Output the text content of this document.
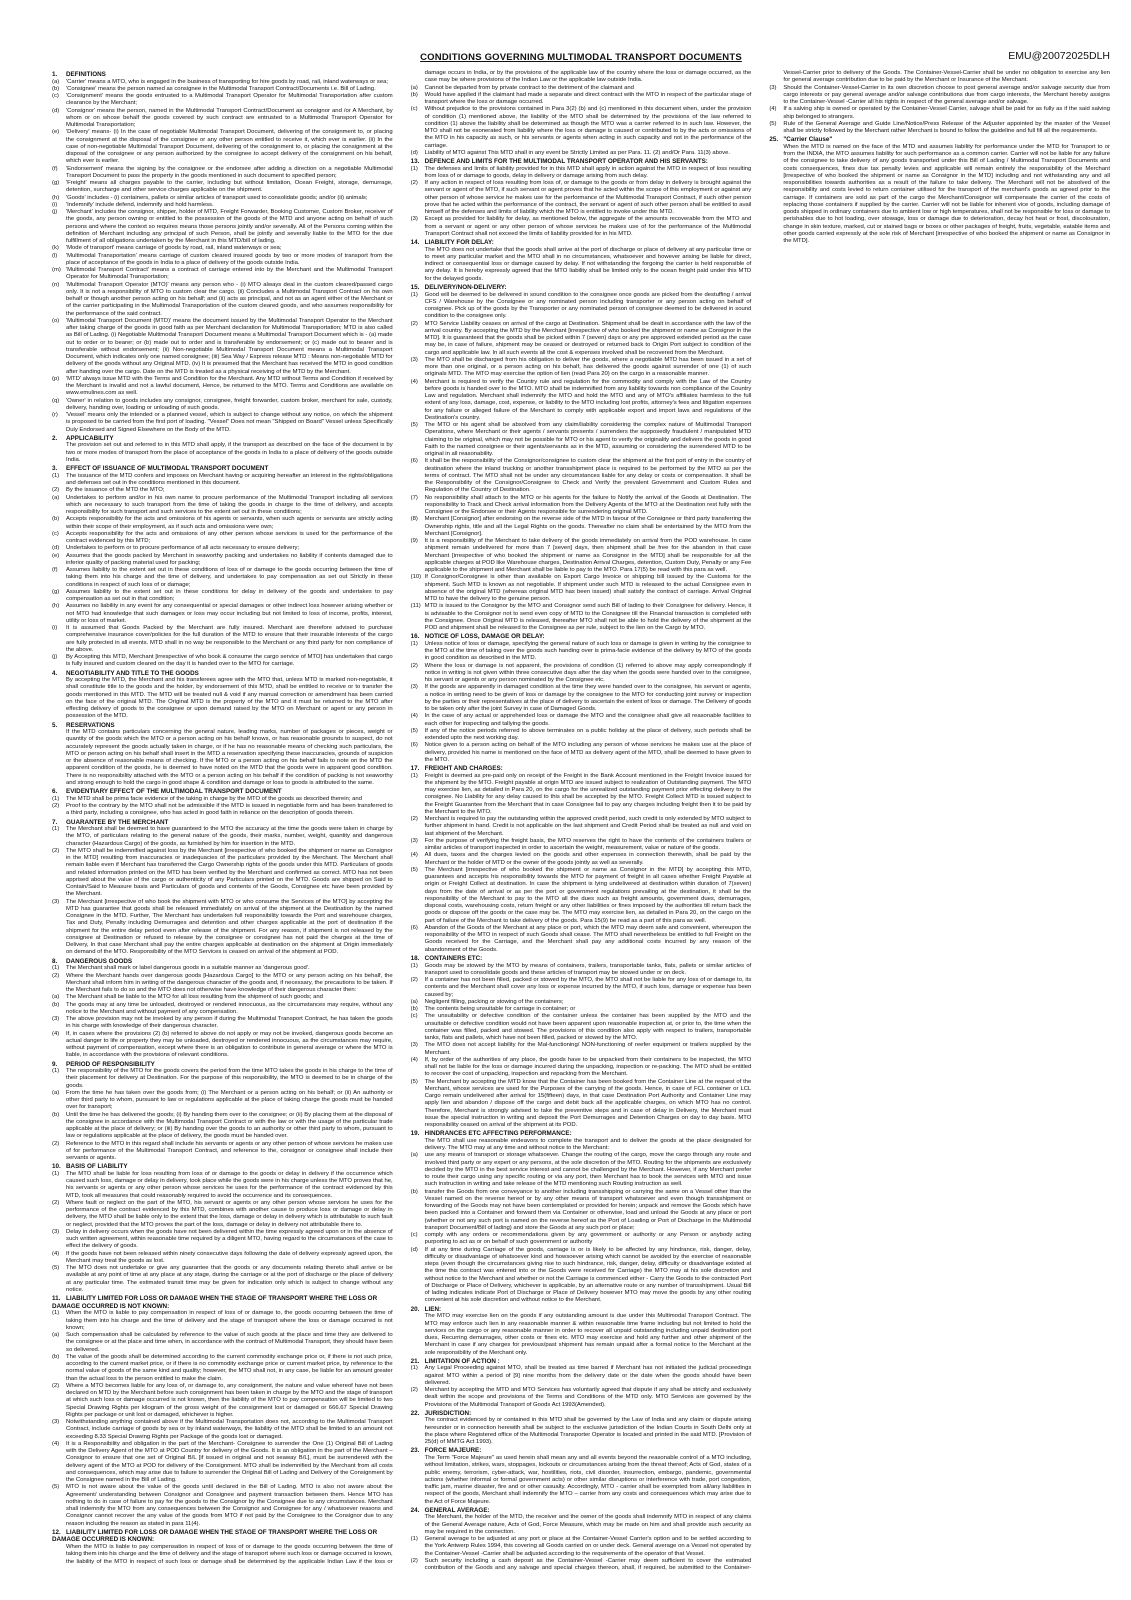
CONDITIONS GOVERNING MULTIMODAL TRANSPORT DOCUMENTS	EMU@20072025DLH
1. DEFINITIONS
(a) 'Carrier' means a MTO, who is engaged in the business of transporting for hire goods by road, rail, inland waterways or sea;
(b) 'Consignee' means the person named as consignee in the Multimodal Transport Contract/Documents i.e. Bill of Lading.
(c) 'Consignment' means the goods entrusted to a Multimodal Transport Operator for Multimodal Transportation after custom clearance by the Merchant;
(d) 'Consignor' means the person, named in the Multimodal Transport Contract/Document as consignor and /or A Merchant, by whom or on whose behalf the goods covered by such contract are entrusted to a Multimodal Transport Operator for Multimodal Transportation;
(e) 'Delivery' means- (i) In the case of negotiable Multimodal Transport Document, delivering of the consignment to, or placing the consignment at the disposal of the consignee or any other person entitled to receive it, which ever is earlier. (ii) In the case of non-negotiable Multimodal Transport Document, delivering of the consignment to, or placing the consignment at the disposal of the consignee or any person authorized by the consignee to accept delivery of the consignment on his behalf, which ever is earlier.
(f) 'Endorsement' means the signing by the consignee or the endorsee after adding a direction on a negotiable Multimodal Transport Document to pass the property in the goods mentioned in such document to specified person;
(g) 'Freight' means all charges payable to the carrier, including but without limitation, Ocean Freight, storage, demurrage, detention, surcharge and other service charges applicable on the shipment.
(h) 'Goods' includes - (i) containers, pallets or similar articles of transport used to consolidate goods; and/or (ii) animals;
(i) 'Indemnify' include defend, indemnify and hold harmless.
(j) 'Merchant' includes the consignor, shipper, holder of MTD, Freight Forwarder, Booking Customer, Custom Broker, receiver of the goods, any person owning or entitled to the possession of the goods of the MTD and anyone acting on behalf of such persons and where the context so requires means those persons jointly and/or severally. All of the Persons coming within the definition of Merchant including any principal of such Person, shall be jointly and severally liable to the MTO for the due fulfillment of all obligations undertaken by the Merchant in this MTD/bill of lading.
(k) 'Mode of transport' means carriage of goods by road, rail, inland waterways or sea;
(l) 'Multimodal Transportation' means carriage of custom cleared insured goods by two or more modes of transport from the place of acceptance of the goods in India to a place of delivery of the goods outside India.
(m) 'Multimodal Transport Contract' means a contract of carriage entered into by the Merchant and the Multimodal Transport Operator for Multimodal Transportation;
(n) 'Multimodal Transport Operator (MTO)' means any person who - (i) MTO always deal in the custom cleared/passed cargo only. It is not a responsibility of MTO to custom clear the cargo. (ii) Concludes a Multimodal Transport Contract on his own behalf or though another person acting on his behalf; and (ii) acts as principal, and not as an agent either of the Merchant or of the carrier participating in the Multimodal Transportation of the custom cleared goods, and who assumes responsibility for the performance of the said contract.
(o) 'Multimodal Transport Document (MTD)' means the document issued by the Multimodal Transport Operator to the Merchant after taking charge of the goods in good faith as per Merchant declaration for Multimodal Transportation; MTD is also called as Bill of Lading. (i) Negotiable Multimodal Transport Document means a Multimodal Transport Document which is - (a) made out to order or to bearer; or (b) made out to order and is transferable by endorsement; or (c) made out to bearer and is transferable without endorsement; (ii) Non-negotiable Multimodal Transport Document means a Multimodal Transport Document, which indicates only one named consignee; (iii) Sea Way / Express release MTD : Means non-negotiable MTD for delivery of the goods without any Original MTD. (iv) It is presumed that the Merchant has received the MTD in good condition after handing over the cargo. Date on the MTD is treated as a physical receiving of the MTD by the Merchant.
(p) 'MTD' always issue MTD with the Terms and Condition for the Merchant. Any MTD without Terms and Condition if received by the Merchant is invalid and not a lawful document, Hence, be returned to the MTO. Terms and Conditions are available on www.emulines.com as well.
(q) 'Owner' in relation to goods includes any consignor, consignee, freight forwarder, custom broker, merchant for sale, custody, delivery, handing over, loading or unloading of such goods.
(r) 'Vessel' means only the intended or a planned vessel, which is subject to change without any notice, on which the shipment is proposed to be carried from the first port of loading. "Vessel" Does not mean "Shipped on Board" Vessel unless Specifically Duly Endorsed and Signed Elsewhere on the Body of the MTD.
2. APPLICABILITY
The provision set out and referred to in this MTD shall apply, if the transport as described on the face of the document is by two or more modes of transport from the place of acceptance of the goods in India to a place of delivery of the goods outside India.
3. EFFECT OF ISSUANCE OF MULTIMODAL TRANSPORT DOCUMENT
(1) The issuance of the MTD confers and imposes on Merchant having or acquiring hereafter an interest in the rights/obligations and defenses set out in the conditions mentioned in this document.
(2) By the issuance of the MTD the MTO;
(a) Undertakes to perform and/or in his own name to procure performance of the Multimodal Transport including all services which are necessary to such transport from the time of taking the goods in charge to the time of delivery, and accepts responsibility for such transport and such services to the extent set out in these conditions;
(b) Accepts responsibility for the acts and omissions of his agents or servants, when such agents or servants are strictly acting within their scope of their employment, as if such acts and omissions were own;
(c) Accepts responsibility for the acts and omissions of any other person whose services is used for the performance of the contract evidenced by this MTD;
(d) Undertakes to perform or to procure performance of all acts necessary to ensure delivery;
(e) Assumes that the goods packed by Merchant in seaworthy packing and undertakes no liability if contents damaged due to inferior quality of packing material used for packing;
(f) Assumes liability to the extent set out in these conditions of loss of or damage to the goods occurring between the time of taking them into his charge and the time of delivery, and undertakes to pay compensation as set out Strictly in these conditions in respect of such loss of or damage;
(g) Assumes liability to the extent set out in these conditions for delay in delivery of the goods and undertakes to pay compensation as set out in that condition;
(h) Assumes no liability in any event for any consequential or special damages or other indirect loss however arising whether or not MTO had knowledge that such damages or loss may occur including but not limited to loss of income, profits, interest, utility or loss of market.
(i) It is assumed that Goods Packed by the Merchant are fully insured. Merchant are therefore advised to purchase comprehensive insurance cover/policies for the full duration of the MTD to ensure that their insurable interests of the cargo are fully protected in all events. MTD shall in no way be responsible to the Merchant or any third party for non compliance of the above.
(j) By Accepting this MTD, Merchant [irrespective of who book & consume the cargo service of MTO] has undertaken that cargo is fully insured and custom cleared on the day it is handed over to the MTO for carriage.
4. NEGOTIABILITY AND TITLE TO THE GOODS
By accepting the MTD, the Merchant and his transferees agree with the MTO that, unless MTD is marked non-negotiable, it shall constitute title to the goods and the holder, by endorsement of this MTD, shall be entitled to receive or to transfer the goods mentioned in this MTD. The MTD will be treated null & void if any manual correction or amendment has been carried on the face of the original MTD. The Original MTD is the property of the MTO and it must be returned to the MTO after effecting delivery of goods to the consignee or upon demand raised by the MTO on Merchant or agent or any person in possession of the MTD.
5. RESERVATIONS
If the MTD contains particulars concerning the general nature, leading marks, number of packages or pieces, weight or quantity of the goods which the MTO or a person acting on his behalf knows, or has reasonable grounds to suspect, do not accurately represent the goods actually taken in charge, or if he has no reasonable means of checking such particulars, the MTO or person acting on his behalf shall insert in the MTD a reservation specifying these inaccuracies, grounds of suspicion or the absence of reasonable means of checking. If the MTO or a person acting on his behalf fails to note on the MTD the apparent condition of the goods, he is deemed to have noted on the MTD that the goods were in apparent good condition. There is no responsibility attached with the MTO or a person acting on his behalf if the condition of packing is not seaworthy and strong enough to hold the cargo in good shape & condition and damage or loss to goods is attributed to the same.
6. EVIDENTIARY EFFECT OF THE MULTIMODAL TRANSPORT DOCUMENT
(1) The MTD shall be prima facie evidence of the taking in charge by the MTO of the goods as described therein; and
(2) Proof to the contrary by the MTO shall not be admissible if the MTD is issued in negotiable form and has been transferred to a third party, including a consignee, who has acted in good faith in reliance on the description of goods therein.
7. GUARANTEE BY THE MERCHANT
(1) The Merchant shall be deemed to have guaranteed to the MTO the accuracy at the time the goods were taken in charge by the MTO, of particulars relating to the general nature of the goods, their marks, number, weight, quantity and dangerous character (Hazardous Cargo) of the goods, as furnished by him for insertion in the MTD.
(2) The MTO shall be indemnified against loss by the Merchant [irrespective of who booked the shipment or name as Consignor in the MTD] resulting from inaccuracies or inadequacies of the particulars provided by the Merchant. The Merchant shall remain liable even if Merchant has transferred the Cargo Ownership rights of the goods under this MTD. Particulars of goods and related information printed on the MTD has been verified by the Merchant and confirmed as correct. MTO has not been apprised about the value of the cargo or authenticity of any Particulars printed on the MTD. Goods are shipped on Said to Contain/Said to Measure basis and Particulars of goods and contents of the Goods, Consignee etc have been provided by the Merchant.
(3) The Merchant [irrespective of who book the shipment with MTO or who consume the Services of the MTO] by accepting the MTD has guarantee that goods shall be released immediately on arrival of the shipment at the Destination by the named Consignee in the MTD. Further, The Merchant has undertaken full responsibility towards the Port and warehouse charges, Tax and Duty, Penalty including Demurrages and detention and other charges applicable at the port of destination if the shipment for the entire delay period even after release of the shipment. For any reason, if shipment is not released by the consignee at Destination or refused to release by the consignee or consignee has not paid the charges at the time of Delivery, In that case Merchant shall pay the entire charges applicable at destination on the shipment at Origin immediately on demand of the MTO. Responsibility of the MTO Services is ceased on arrival of the shipment at POD.
8. DANGEROUS GOODS
(1) The Merchant shall mark or label dangerous goods in a suitable manner as 'dangerous good'.
(2) Where the Merchant hands over dangerous goods [Hazardous Cargo] to the MTO or any person acting on his behalf, the Merchant shall inform him in writing of the dangerous character of the goods and, if necessary, the precautions to be taken. If the Merchant fails to do so and the MTO does not otherwise have knowledge of their dangerous character then:
(a) The Merchant shall be liable to the MTO for all loss resulting from the shipment of such goods; and
(b) The goods may at any time be unloaded, destroyed or rendered innocuous, as the circumstances may require, without any notice to the Merchant and without payment of any compensation.
(3) The above provision may not be invoked by any person if during the Multimodal Transport Contract, he has taken the goods in his charge with knowledge of their dangerous character.
(4) If, in cases where the provisions (2) (b) referred to above do not apply or may not be invoked, dangerous goods become an actual danger to life or property they may be unloaded, destroyed or rendered innocuous, as the circumstances may require, without payment of compensation, except where there is an obligation to contribute in general average or where the MTO is liable, in accordance with the provisions of relevant conditions.
9. PERIOD OF RESPONSIBILITY
(1) The responsibility of the MTO for the goods covers the period from the time MTO takes the goods in his charge to the time of their placement for delivery at Destination. For the purpose of this responsibility, the MTO is deemed to be in charge of the goods.
(a) From the time he has taken over the goods from; (i) The Merchant or a person acting on his behalf; or (ii) An authority or other third party to whom, pursuant to law or regulations applicable at the place of taking charge the goods must be handed over for transport;
(b) Until the time he has delivered the goods; (i) By handing them over to the consignee; or (ii) By placing them at the disposal of the consignee in accordance with the Multimodal Transport Contract or with the law or with the usage of the particular trade applicable at the place of delivery; or (iii) By handing over the goods to an authority or other third party to whom, pursuant to law or regulations applicable at the place of delivery, the goods must be handed over.
(2) Reference to the MTO in this regard shall include his servants or agents or any other person of whose services he makes use of for performance of the Multimodal Transport Contract, and reference to the, consignor or consignee shall include their servants or agents.
10. BASIS OF LIABILITY
(1) The MTO shall be liable for loss resulting from loss of or damage to the goods or delay in delivery if the occurrence which caused such loss, damage or delay in delivery, took place while the goods were in his charge unless the MTO proves that he, his servants or agents or any other person whose services he uses for the performance of the contract evidenced by this MTD, took all measures that could reasonably required to avoid the occurrence and its consequences.
(2) Where fault or neglect on the part of the MTO, his servant or agents or any other person whose services he uses for the performance of the contract evidenced by this MTD, combines with another cause to produce loss or damage or delay in delivery, the MTO shall be liable only to the extent that the loss, damage or delay in delivery which is attributable to such fault or neglect, provided that the MTO proves the part of the loss, damage or delay in delivery not attributable there to.
(3) Delay in delivery occurs when the goods have not been delivered within the time expressly agreed upon or in the absence of such written agreement, within reasonable time required by a diligent MTO, having regard to the circumstances of the case to effect the delivery of goods.
(4) If the goods have not been released within ninety consecutive days following the date of delivery expressly agreed upon, the Merchant may treat the goods as lost.
(5) The MTO does not undertake or give any guarantee that the goods or any documents relating thereto shall arrive or be available at any point of time at any place at any stage, during the carriage or at the port of discharge or the place of delivery at any particular time. The estimated transit time may be given for indication only which is subject to change without any notice.
11. LIABILITY LIMITED FOR LOSS OR DAMAGE WHEN THE STAGE OF TRANSPORT WHERE THE LOSS OR DAMAGE OCCURRED IS NOT KNOWN:
(1) When the MTO is liable to pay compensation in respect of loss of or damage to, the goods occurring between the time of taking them into his charge and the time of delivery and the stage of transport where the loss or damage occurred is not known;
(a) Such compensation shall be calculated by reference to the value of such goods at the place and time they are delivered to the consignee or at the place and time when, in accordance with the contract of Multimodal Transport, they should have been so delivered.
(b) The value of the goods shall be determined according to the current commodity exchange price or, if there is not such price, according to the current market price, or if there is no commodity exchange price or current market price, by reference to the normal value of goods of the same kind and quality; however, the MTO shall not, in any case, be liable for an amount greater than the actual loss to the person entitled to make the claim.
(2) Where a MTO becomes liable for any loss of, or damage to, any consignment, the nature and value whereof have not been declared on MTD by the Merchant before such consignment has been taken in charge by the MTO and the stage of transport at which such loss or damage occurred is not known, then the liability of the MTO to pay compensation will be limited to two Special Drawing Rights per kilogram of the gross weight of the consignment lost or damaged or 666.67 Special Drawing Rights per package or unit lost or damaged, whichever is higher.
(3) Notwithstanding anything contained above if the Multimodal Transportation does not, according to the Multimodal Transport Contract, include carriage of goods by sea or by inland waterways, the liability of the MTO shall be limited to an amount not exceeding 8.33 Special Drawing Rights per Package of the goods lost or damaged.
(4) It is a Responsibility and obligation in the part of the Merchant- Consignee to surrender the One (1) Original Bill of Lading with the Delivery Agent of the MTO at POD Country for delivery of the Goods. It is an obligation in the part of the Merchant – Consignor to ensure that one set of Original B/L [if issued in original and not seaway B/L], must be surrendered with the delivery agent of the MTO at POD for delivery of the Consignment. MTO shall be indemnified by the Merchant from all costs and consequences, which may arise due to failure to surrender the Original Bill of Lading and Delivery of the Consignment by the Consignee named in the Bill of Lading.
(5) MTO is not aware about the value of the goods until declared in the Bill of Lading. MTO is also not aware about the Agreement/ understanding between Consignor and Consignee and payment transaction between them. Hence MTO has nothing to do in case of failure to pay for the goods to the Consignor by the Consignee due to any circumstances. Merchant shall indemnify the MTO from any consequences between the Consignor and Consignee for any / whatsoever reasons and Consignor cannot recover the any value of the goods from MTO if not paid by the Consignee to the Consignor due to any reason including the reason as stated in para 11(4).
12. LIABILITY LIMITED FOR LOSS OR DAMAGE WHEN THE STAGE OF TRANSPORT WHERE THE LOSS OR DAMAGE OCCURRED IS KNOWN:
When the MTO is liable to pay compensation in respect of loss of or damage to the goods occurring between the time of taking them into his charge and the time of delivery and the stage of transport where such loss or damage occurred is known, the liability of the MTO in respect of such loss or damage shall be determined by the applicable Indian Law if the loss or damage occurs in India, or by the provisions of the applicable law of the country where the loss or damage occurred, as the case may be where provisions of the Indian Law or the applicable law outside India.
(a) Cannot be departed from by private contract to the detriment of the claimant and
(b) Would have applied if the claimant had made a separate and direct contract with the MTO in respect of the particular stage of transport where the loss or damage occurred.
(c) Without prejudice to the provisions contained in Para 3(2) (b) and (c) mentioned in this document when, under the provision of condition (1) mentioned above, the liability of the MTO shall be determined by the provisions of the law referred to condition (1) above the liability shall be determined as though the MTO was a carrier referred to in such law. However, the MTO shall not be exonerated from liability where the loss or damage is caused or contributed to by the acts or omissions of the MTO in his capacity as such, or his servants or agents when acting in such capacity and not in the performance of the carriage.
(d) Liability of MTO against This MTD shall in any event be Strictly Limited as per Para. 11. (2) and/Or Para. 11(3) above.
13. DEFENCE AND LIMITS FOR THE MULTIMODAL TRANSPORT OPERATOR AND HIS SERVANTS:
(1) The defenses and limits of liability provided for in this MTD shall apply in action against the MTO in respect of loss resulting from loss of or damage to goods, delay in delivery or damage arising from such delay.
(2) If any action in respect of loss resulting from loss of, or damage to the goods or from delay in delivery is brought against the servant or agent of the MTO, if such servant or agent proves that he acted within the scope of this employment or against any other person of whose service he makes use for the performance of the Multimodal Transport Contract, if such other person prove that he acted within the performance of the contract, the servant or agent of such other person shall be entitled to avail himself of the defenses and limits of liability which the MTO is entitled to invoke under this MTD.
(3) Except as provided for liability for delay, as mentioned below, the aggregate of the amounts recoverable from the MTO and from a servant or agent or any other person of whose services he makes use of for the performance of the Multimodal Transport Contract shall not exceed the limits of liability provided for in his MTD.
14. LIABILITY FOR DELAY:
The MTO does not undertake that the goods shall arrive at the port of discharge or place of delivery at any particular time or to meet any particular market and the MTO shall in no circumstances, whatsoever and however arising be liable for direct, indirect or consequential loss or damage caused by delay. If not withstanding the forgoing the carrier is held responsible of any delay. It is hereby expressly agreed that the MTO liability shall be limited only to the ocean freight paid under this MTD for the delayed goods.
15. DELIVERY/NON-DELIVERY:
(1) Good will be deemed to be delivered in sound condition to the consignee once goods are picked from the destuffing / arrival CFS / Warehouse by the Consignee or any nominated person including transporter or any person acting on behalf of consignee. Pick up of the goods by the Transporter or any nominated person of consignee deemed to be delivered in sound condition to the consignee only.
(2) MTO Service Liability ceases on arrival of the cargo at Destination. Shipment shall be dealt in accordance with the law of the arrival country. By accepting the MTD by the Merchant [irrespective of who booked the shipment or name as Consignor in the MTD]. It is guaranteed that the goods shall be picked within 7 (seven) days or any pre approved extended period as the case may be, in case of failure, shipment may be ceased or destroyed or returned back to Origin Port subject to condition of the cargo and applicable law. In all such events all the cost & expenses involved shall be recovered from the Merchant.
(3) The MTO shall be discharged from his obligation to deliver the goods, where a negotiable MTD has been issued in a set of more than one original, or a person acting on his behalf, has delivered the goods against surrender of one (1) of such originals MTD. The MTO may exercise the option of lien (read Para 20) on the cargo in a reasonable manner.
(4) Merchant is required to verify the Country rule and regulation for the commodity and comply with the Law of the Country before goods is handed over to the MTO. MTO shall be indemnified from any liability towards non compliance of the Country Law and regulation. Merchant shall indemnify the MTO and hold the MTO and any of MTO's affiliates harmless to the full extent of any loss, damage, cost, expense, or liability to the MTO including lost profits, attorney's fees and litigation expenses for any failure or alleged failure of the Merchant to comply with applicable export and import laws and regulations of the Destination's country.
(5) The MTO or his agent shall be absolved from any claim/liability considering the complex nature of Multimodal Transport Operations, where Merchant or their agents / servants presents / surrenders the supposedly fraudulent / manipulated MTD claiming to be original, which may not be possible for MTO or his agent to verify the originality and delivers the goods in good Faith to the named consignee or their agents/servants as in the MTD, assuming or considering the surrendered MTD to be original in all reasonability.
(6) It shall be the responsibility of the Consignor/consignee to custom clear the shipment at the first port of entry in the country of destination where the inland trucking or another transshipment place is required to be performed by the MTO as per the terms of contract. The MTO shall not be under any circumstances liable for any delay or costs or compensation. It shall be the Responsibility of the Consignor/Consignee to Check and Verify the prevalent Government and Custom Rules and Regulation of the Country of Destination.
(7) No responsibility shall attach to the MTO or his agents for the failure to Notify the arrival of the Goods at Destination. The responsibility to Track and Check arrival information from the Delivery Agents of the MTO at the Destination rest fully with the Consignee or the Endorsee or their Agents responsible for surrendering original MTD.
(8) Merchant [Consignor] after endorsing on the reverse side of the MTD in favour of the Consignee or third party transferring the Ownership rights, title and all the Legal Rights on the goods. Thereafter no claim shall be entertained by the MTO from the Merchant [Consignor].
(9) It is a responsibility of the Merchant to take delivery of the goods immediately on arrival from the POD warehouse. In case shipment remain undelivered for more than 7 [seven] days, then shipment shall be free for the abandon in that case Merchant [irrespective of who booked the shipment or name as Consignor in the MTD] shall be responsible for all the applicable charges at POD like Warehouse charges, Destination Arrival Charges, detention, Custom Duty, Penalty or any Fee applicable to the shipment and Merchant shall be liable to pay to the MTO. Para 17(5) be read with this para as well.
(10) If Consignor/Consignee is other than available on Export Cargo Invoice or shipping bill issued by the Customs for the shipment. Such MTD is known as not negotiable. If shipment under such MTD is released to the actual Consignee even in absence of the original MTD (whereas original MTD has been issued) shall satisfy the contract of carriage. Arrival Original MTD to have the delivery to the genuine person.
(11) MTD is issued to the Consignor by the MTO and Consignor send such Bill of lading to their Consignee for delivery. Hence, it is advisable to the Consignor not to send even copy of MTD to the Consignee till the Financial transaction is completed with the Consignee. Once Original MTD is released, thereafter MTO shall not be able to hold the delivery of the shipment at the POD and shipment shall be released to the Consignee as per rule, subject to the lien on the Cargo by MTO.
16. NOTICE OF LOSS, DAMAGE OR DELAY:
(1) Unless notice of loss or damage, specifying the general nature of such loss or damage is given in writing by the consignee to the MTO at the time of taking over the goods such handing over is prima-facie evidence of the delivery by MTO of the goods in good condition as described in the MTD.
(2) Where the loss or damage is not apparent, the provisions of condition (1) referred to above may apply correspondingly if notice in writing is not given within three consecutive days after the day when the goods were handed over to the consignee, his servant or agents or any person nominated by the Consignee etc.
(3) If the goods are apparently in damaged condition at the time they were handed over to the consignee, his servant or agents, a notice in writing need to be given of loss or damage by the consignee to the MTO for conducting joint survey or inspection by the parties or their representatives at the place of delivery to ascertain the extent of loss or damage. The Delivery of goods to be taken only after the joint Survey in case of Damaged Goods.
(4) In the case of any actual or apprehended loss or damage the MTO and the consignee shall give all reasonable facilities to each other for inspecting and tallying the goods.
(5) If any of the notice periods referred to above terminates on a public holiday at the place of delivery, such periods shall be extended upto the next working day.
(6) Notice given to a person acting on behalf of the MTO including any person of whose services he makes use at the place of delivery, provided his name is mentioned on the face of MTD as delivery agent of the MTO, shall be deemed to have given to the MTO.
17. FREIGHT AND CHARGES:
(1) Freight is deemed as pre-paid only on receipt of the Freight in the Bank Account mentioned in the Freight Invoice issued for the shipment by the MTO. Freight payable at origin MTD are issued subject to realization of Outstanding payment. The MTO may exercise lien, as detailed in Para 20, on the cargo for the unrealized outstanding payment prior effecting delivery to the consignee. No Liability for any delay caused to this shall be accepted by the MTO. Freight Collect MTD is issued subject to the Freight Guarantee from the Merchant that in case Consignee fail to pay any charges including freight then it to be paid by the Merchant to the MTO.
(2) Merchant is required to pay the outstanding within the approved credit period, such credit is only extended by MTO subject to further shipment in hand. Credit is not applicable on the last shipment and Credit Period shall be treated as null and void on last shipment of the Merchant.
(3) For the purpose of verifying the freight basis, the MTO reserves the right to have the contents of the containers trailers or similar articles of transport inspected in order to ascertain the weight, measurement, value or nature of the goods.
(4) All dues, taxes and the charges levied on the goods and other expenses in connection therewith, shall be paid by the Merchant or the holder of MTD or the owner of the goods jointly as well as severally.
(5) The Merchant [irrespective of who booked the shipment or name as Consignor in the MTD] by accepting this MTD, guarantees and accepts his responsibility towards the MTO for payment of freight in all cases whether Freight Payable at origin or Freight Collect at destination. In case the shipment is lying undelivered at destination within duration of 7(seven) days from the date of arrival or as per the port or government regulations prevailing at the destination, it shall be the responsibility of the Merchant to pay to the MTO all the dues such as freight amounts, government dues, demurrages, disposal costs, warehousing costs, return freight or any other liabilities or fines imposed by the authorities till return back the goods or dispose off the goods or the case may be. The MTO may exercise lien, as detailed in Para 20, on the cargo on the part of failure of the Merchant to take delivery of the goods. Para 15(9) be read as a part of this para as well.
(6) Abandon of the Goods of the Merchant at any place or port, which the MTO may deem safe and convenient, whereupon the responsibility of the MTO in respect of such Goods shall cease. The MTO shall nevertheless be entitled to full Freight on the Goods received for the Carriage, and the Merchant shall pay any additional costs incurred by any reason of the abandonment of the Goods.
18. CONTAINERS ETC:
(1) Goods may be stowed by the MTO by means of containers, trailers, transportable tanks, flats, pallets or similar articles of transport used to consolidate goods and these articles of transport may be stowed under or on deck.
(2) If a container has not been filled, packed or stowed by the MTO, the MTO shall not be liable for any loss of or damage to, its contents and the Merchant shall cover any loss or expense incurred by the MTO, if such loss, damage or expense has been caused by;
(a) Negligent filling, packing or stowing of the containers;
(b) The contents being unsuitable for carriage in container; or
(c) The unsuitability or defective condition of the container unless the container has been supplied by the MTO and the unsuitable or defective condition would not have been apparent upon reasonable inspection at, or prior to, the time when the container was filled, packed and stowed. The provisions of this condition also apply with respect to trailers, transportable tanks, flats and pallets, which have not been filled, packed or stowed by the MTO.
(3) The MTO does not accept liability for the Mal-functioning/ NON-functioning of reefer equipment or trailers supplied by the Merchant.
(4) If, by order of the authorities of any place, the goods have to be unpacked from their containers to be inspected, the MTO shall not be liable for the loss or damage incurred during the unpacking, inspection or re-packing. The MTO shall be entitled to recover the cost of unpacking, inspection and repacking from the Merchant.
(5) The Merchant by accepting the MTD know that the Container has been booked from the Container Line at the request of the Merchant, whose services are used for the Purposes of the carrying of the goods. Hence, in case of FCL container or LCL Cargo remain undelivered after arrival for 15(fifteen) days, in that case Destination Port Authority and Container Line may apply lien and abandon / dispose off the cargo and debit back all the applicable charges, on which MTO has no control. Therefore, Merchant is strongly advised to take the preventive steps and in case of delay in Delivery, the Merchant must issue the special instruction in writing and deposit the Port Demurrages and Detention Charges on day to day basis. MTO responsibility ceased on arrival of the shipment at its POD.
19. HINDRANCES ETC AFFECTING PERFORMANCE:
The MTO shall use reasonable endeavors to complete the transport and to deliver the goods at the place designated for delivery. The MTO may at any time and without notice to the Merchant:
(a) use any means of transport or storage whatsoever. Change the routing of the cargo, move the cargo through any route and involved third party or any expert or any persons, at the sole discretion of the MTO. Routing for the shipments are exclusively decided by the MTO in the best service interest and cannot be challenged by the Merchant. However, if any Merchant prefer to route their cargo using any specific routing or via any port, then Merchant has to book the services with MTO and issue such instruction in writing and take release of the MTD mentioning such Routing instruction as well.
(b) transfer the Goods from one conveyance to another including transshipping or carrying the same on a Vessel other than the Vessel named on the reverse hereof or by any other means of transport whatsoever and even though transshipment or forwarding of the Goods may not have been contemplated or provided for herein; unpack and remove the Goods which have been packed into a Container and forward them via Container or otherwise, load and unload the Goods at any place or port (whether or not any such port is named on the reverse hereof as the Port of Loading or Port of Discharge in the Multimodal transport Document/Bill of lading) and store the Goods at any such port or place;
(c) comply with any orders or recommendations given by any government or authority or any Person or anybody acting purporting to act as or on behalf of such government or authority
(d) If at any time during Carriage of the goods, carriage is or is likely to be affected by any hindrance, risk, danger, delay, difficulty or disadvantage of whatsoever kind and howsoever arising which cannot be avoided by the exercise of reasonable steps (even though the circumstances giving rise to such hindrance, risk, danger, delay, difficulty or disadvantage existed at the time this contract was entered into or the Goods were received for Carriage) the MTO may at his sole discretion and without notice to the Merchant and whether or not the Carriage is commenced either - Carry the Goods to the contracted Port of Discharge or Place of Delivery, whichever is applicable, by an alternative route or any number of transshipment. Usual Bill of lading indicates indicate Port of Discharge or Place of Delivery however MTO may move the goods by any other routing convenient at his sole discretion and without notice to the Merchant.
20. LIEN:
The MTO may exercise lien on the goods if any outstanding amount is due under this Multimodal Transport Contract. The MTO may enforce such lien in any reasonable manner & within reasonable time frame including but not limited to hold the services on the cargo or any reasonable manner in order to recover all unpaid outstanding including unpaid destination port dues, Recurring demurrages, other costs or fines etc. MTO may exercise and hold any further and other shipment of the Merchant in case if any charges for previous/past shipment has remain unpaid after a formal notice to the Merchant at the sole responsibility of the Merchant only.
21. LIMITATION OF ACTION :
(1) Any Legal Proceeding against MTO, shall be treated as time barred if Merchant has not initiated the judicial proceedings against MTO within a period of [9] nine months from the delivery date or the date when the goods should have been delivered.
(2) Merchant by accepting the MTD and MTO Services has voluntarily agreed that dispute if any shall be strictly and exclusively dealt within the scope and provisions of the Terms and Conditions of the MTD only. MTO Services are governed by the Provisions of the Multimodal Transport of Goods Act 1993(Amended).
22. JURISDICTION:
The contract evidenced by or contained in this MTD shall be governed by the Law of India and any claim or dispute arising hereunder or in connection herewith shall be subject to the exclusive jurisdiction of the Indian Courts in South Delhi only at the place where Registered office of the Multimodal Transporter Operator is located and printed in the said MTD. [Provision of 25(d) of MMTG Act 1993).
23. FORCE MAJEURE:
The Term "Force Majeure" as used herein shall mean any and all events beyond the reasonable control of a MTO including, without limitation, strikes, wars, stoppages, lockouts or circumstances arising from the threat thereof; Acts of God, states of a public enemy, terrorism, cyber-attack, war, hostilities, riots, civil disorder, insurrection, embargo, pandemic, governmental actions (whether informal or formal government acts) or other similar disruptions or interference with trade, port congestion, traffic jam, marine disaster, fire and or other casualty. Accordingly, MTO - carrier shall be exempted from all/any liabilities in respect of the goods, Merchant shall indemnify the MTO – carrier from any costs and consequences which may arise due to the Act of Force Majeure.
24. GENERAL AVERAGE:
The Merchant, the holder of the MTD, the receiver and the owner of the goods shall indemnify MTO in respect of any claims of the General Average nature, Acts of God, Force Measure, which may be made on him and shall provide such security as may be required in the connection.
(1) General average to be adjusted at any port or place at the Container-Vessel Carrier's option and to be settled according to the York Antwerp Rules 1994, this covering all Goods carried on or under deck. General average on a Vessel not operated by the Container-Vessel -Carrier shall be adjusted according to the requirements of the operator of that Vessel.
(2) Such security including a cash deposit as the Container-Vessel -Carrier may deem sufficient to cover the estimated contribution of the Goods and any salvage and special charges thereon, shall, if required, be submitted to the Container-Vessel-Carrier prior to delivery of the Goods. The Container-Vessel-Carrier shall be under no obligation to exercise any lien for general average contribution due to be paid by the Merchant or Insurance of the Merchant.
(3) Should the Container-Vessel-Carrier in its own discretion choose to post general average and/or salvage security due from cargo interests or pay general average and/or salvage contributions due from cargo interests, the Merchant hereby assigns to the Container-Vessel -Carrier all his rights in respect of the general average and/or salvage.
(4) If a salving ship is owned or operated by the Container-Vessel Carrier, salvage shall be paid for as fully as if the said salving ship belonged to strangers.
(5) Rule of the General Average and Guide Line/Notice/Press Release of the Adjuster appointed by the master of the Vessel shall be strictly followed by the Merchant rather Merchant is bound to follow the guideline and full fill all the requirements.
25. "Carrier Clause"
When the MTO is named on the face of the MTD and assumes liability for performance under the MTD for Transport to or from the INDIA, the MTO assumes liability for such performance as a common carrier. Carrier will not be liable for any failure of the consignee to take delivery of any goods transported under this Bill of Lading / Multimodal Transport Documents and costs consequences, fines due tax penalty levies and applicable will remain entirely the responsibility of the Merchant [irrespective of who booked the shipment or name as Consignor in the MTD] including and not withstanding any and all responsibilities towards authorities as a result of the failure to take delivery. The Merchant will not be absolved of the responsibility and costs levied to return container utilised for the transport of the merchant's goods as agreed prior to the carriage. If containers are sold as part of the cargo the Merchant/Consignor will compensate the carrier of the costs of replacing those containers if supplied by the carrier. Carrier will not be liable for inherent vice of goods, including damage of goods shipped in ordinary containers due to ambient low or high temperatures, shall not be responsible for loss or damage to perishables due to hot loading, over stowage, loss or damage due to deterioration, decay hot heat or frost, discolouration, change in skin texture, marked, cut or stained bags or boxes or other packages of freight, fruits, vegetable, eatable items and other goods carried expressly at the sole risk of Merchant [irrespective of who booked the shipment or name as Consignor in the MTD].
